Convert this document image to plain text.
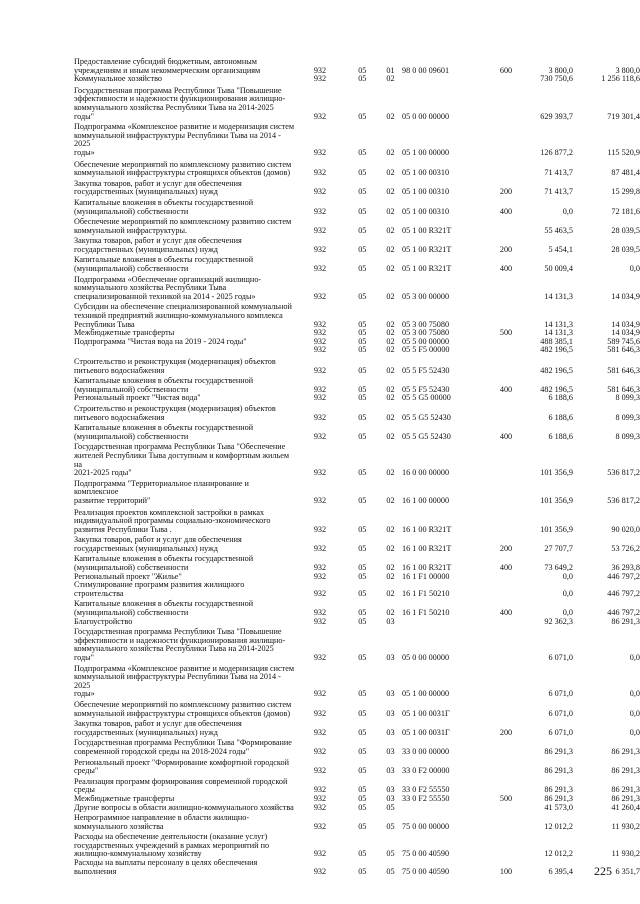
Предоставление субсидий бюджетным, автономным
учреждениям и иным некоммерческим организациям	932	05	01 98 0 00 09601	600	3 800,0	3 800,0
Коммунальное хозяйство	932	05	02	730 750,6	1 256 118,6
Государственная программа Республики Тыва "Повышение
эффективности и надежности функционирования жилищно-
коммунального хозяйства Республики Тыва на 2014-2025 годы"	932	05	02 05 0 00 00000	629 393,7	719 301,4
Подпрограмма «Комплексное развитие и модернизация систем
коммунальной инфраструктуры Республики Тыва на 2014 - 2025
годы»	932	05	02 05 1 00 00000	126 877,2	115 520,9
Обеспечение мероприятий по комплексному развитию систем
коммунальной инфраструктуры строящихся объектов (домов)	932	05	02 05 1 00 00310	71 413,7	87 481,4
Закупка товаров, работ и услуг для обеспечения
государственных (муниципальных) нужд	932	05	02 05 1 00 00310	200	71 413,7	15 299,8
Капитальные вложения в объекты государственной
(муниципальной) собственности	932	05	02 05 1 00 00310	400	0,0	72 181,6
Обеспечение мероприятий по комплексному развитию систем
коммунальной инфраструктуры.	932	05	02 05 1 00 R321T	55 463,5	28 039,5
Закупка товаров, работ и услуг для обеспечения
государственных (муниципальных) нужд	932	05	02 05 1 00 R321T	200	5 454,1	28 039,5
Капитальные вложения в объекты государственной
(муниципальной) собственности	932	05	02 05 1 00 R321T	400	50 009,4	0,0
Подпрограмма «Обеспечение организаций жилищно-
коммунального хозяйства Республики Тыва
специализированной техникой на 2014 - 2025 годы»	932	05	02 05 3 00 00000	14 131,3	14 034,9
Субсидии на обеспечение специализированной коммунальной
техникой предприятий жилищно-коммунального комплекса
Республики Тыва	932	05	02 05 3 00 75080	14 131,3	14 034,9
Межбюджетные трансферты	932	05	02 05 3 00 75080	500	14 131,3	14 034,9
Подпрограмма "Чистая вода на 2019 - 2024 годы"	932	05	02 05 5 00 00000	488 385,1	589 745,6
932	05	02 05 5 F5 00000	482 196,5	581 646,3
Строительство и реконструкция (модернизация) объектов
питьевого водоснабжения	932	05	02 05 5 F5 52430	482 196,5	581 646,3
Капитальные вложения в объекты государственной
(муниципальной) собственности	932	05	02 05 5 F5 52430	400	482 196,5	581 646,3
Региональный проект "Чистая вода"	932	05	02 05 5 G5 00000	6 188,6	8 099,3
Строительство и реконструкция (модернизация) объектов
питьевого водоснабжения	932	05	02 05 5 G5 52430	6 188,6	8 099,3
Капитальные вложения в объекты государственной
(муниципальной) собственности	932	05	02 05 5 G5 52430	400	6 188,6	8 099,3
Государственная программа Республики Тыва "Обеспечение
жителей Республики Тыва доступным и комфортным жильем на
2021-2025 годы"	932	05	02 16 0 00 00000	101 356,9	536 817,2
Подпрограмма "Территориальное планирование и комплексное
развитие территорий"	932	05	02 16 1 00 00000	101 356,9	536 817,2
Реализация проектов комплексной застройки в рамках
индивидуальной программы социально-экономического
развития Республики Тыва .	932	05	02 16 1 00 R321T	101 356,9	90 020,0
Закупка товаров, работ и услуг для обеспечения
государственных (муниципальных) нужд	932	05	02 16 1 00 R321T	200	27 707,7	53 726,2
Капитальные вложения в объекты государственной
(муниципальной) собственности	932	05	02 16 1 00 R321T	400	73 649,2	36 293,8
Региональный проект "Жилье"	932	05	02 16 1 F1 00000	0,0	446 797,2
Стимулирование программ развития жилищного строительства	932	05	02 16 1 F1 50210	0,0	446 797,2
Капитальные вложения в объекты государственной
(муниципальной) собственности	932	05	02 16 1 F1 50210	400	0,0	446 797,2
Благоустройство	932	05	03	92 362,3	86 291,3
Государственная программа Республики Тыва "Повышение
эффективности и надежности функционирования жилищно-
коммунального хозяйства Республики Тыва на 2014-2025 годы"	932	05	03 05 0 00 00000	6 071,0	0,0
Подпрограмма «Комплексное развитие и модернизация систем
коммунальной инфраструктуры Республики Тыва на 2014 - 2025
годы»	932	05	03 05 1 00 00000	6 071,0	0,0
Обеспечение мероприятий по комплексному развитию систем
коммунальной инфраструктуры строящихся объектов (домов)	932	05	03 05 1 00 0031Г	6 071,0	0,0
Закупка товаров, работ и услуг для обеспечения
государственных (муниципальных) нужд	932	05	03 05 1 00 0031Г	200	6 071,0	0,0
Государственная программа Республики Тыва "Формирование
современной городской среды на 2018-2024 годы"	932	05	03 33 0 00 00000	86 291,3	86 291,3
Региональный проект "Формирование комфортной городской
среды"	932	05	03 33 0 F2 00000	86 291,3	86 291,3
Реализация программ формирования современной городской
среды	932	05	03 33 0 F2 55550	86 291,3	86 291,3
Межбюджетные трансферты	932	05	03 33 0 F2 55550	500	86 291,3	86 291,3
Другие вопросы в области жилищно-коммунального хозяйства	932	05	05	41 573,0	41 260,4
Непрограммное направление в области жилищно-
коммунального хозяйства	932	05	05 75 0 00 00000	12 012,2	11 930,2
Расходы на обеспечение деятельности (оказание услуг)
государственных учреждений в рамках мероприятий по
жилищно-коммунальному хозяйству	932	05	05 75 0 00 40590	12 012,2	11 930,2
Расходы на выплаты персоналу в целях обеспечения выполнения	932	05	05 75 0 00 40590	100	6 395,4	6 351,7
225
